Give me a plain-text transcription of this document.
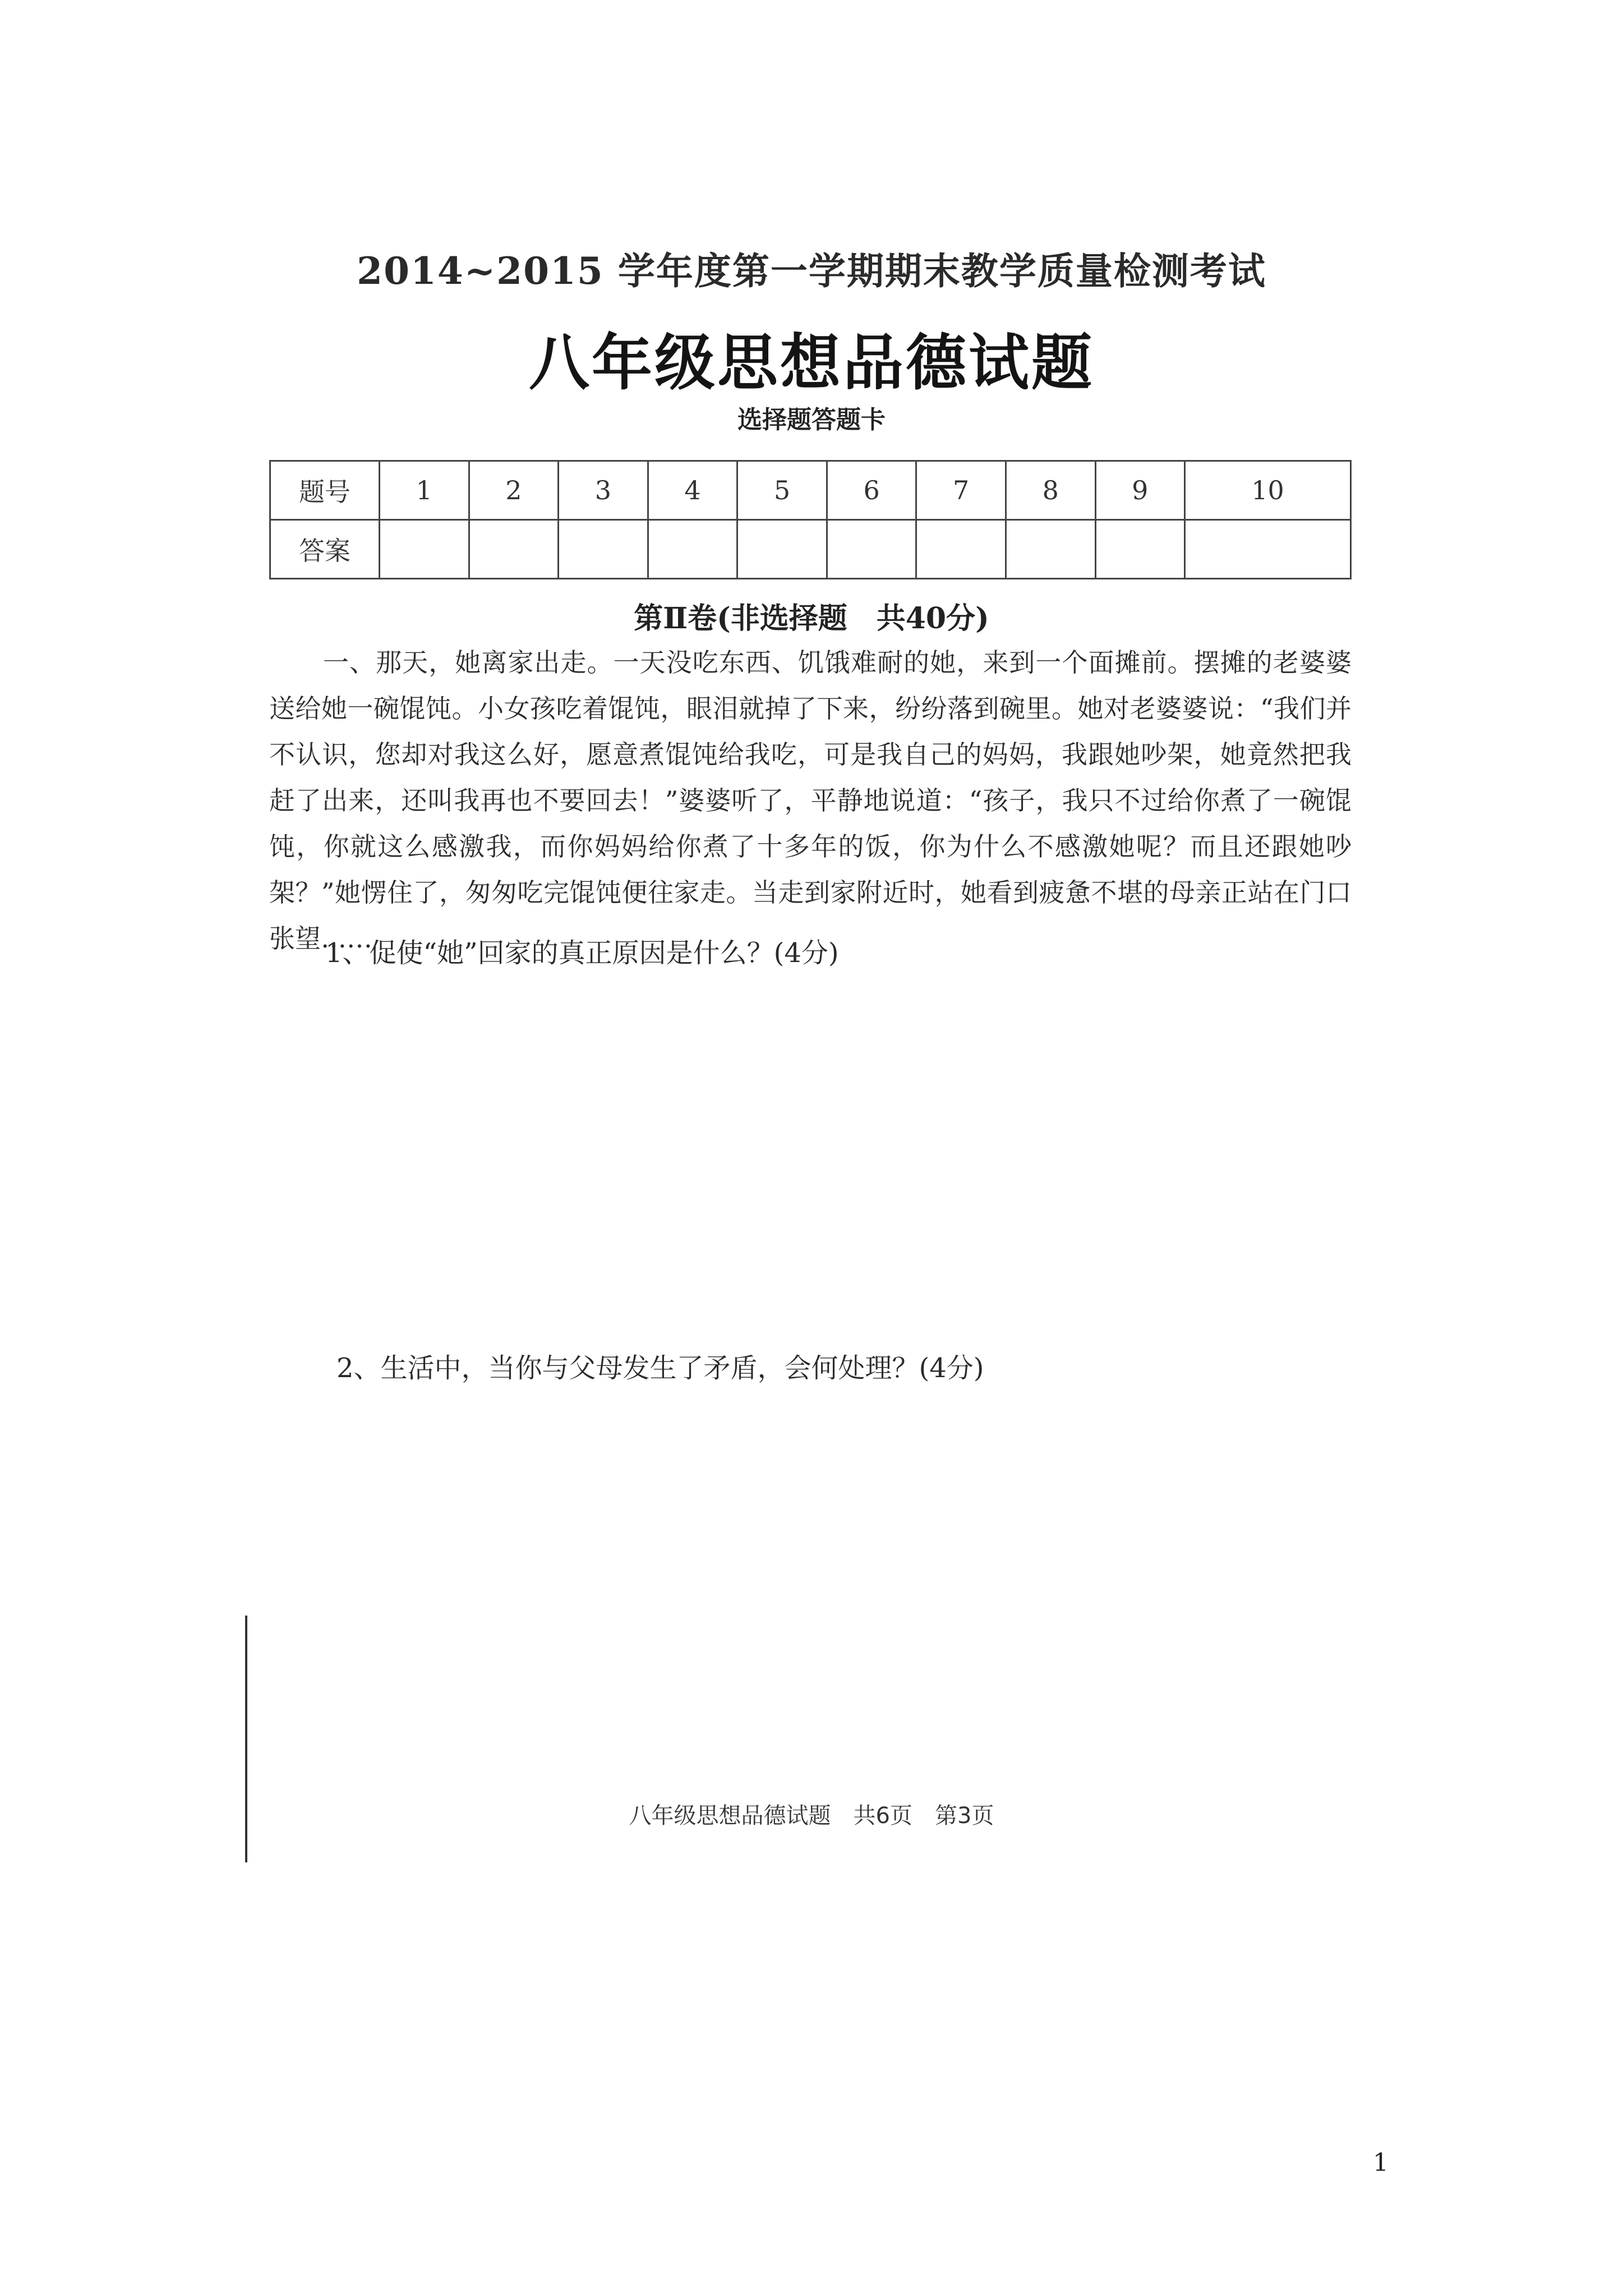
2014~2015 学年度第一学期期末教学质量检测考试
八年级思想品德试题
选择题答题卡
题号	1	2	3	4	5	6	7	8	9	10
答案										
第Ⅱ卷(非选择题　共40分)
一、那天，她离家出走。一天没吃东西、饥饿难耐的她，来到一个面摊前。摆摊的老婆婆送给她一碗馄饨。小女孩吃着馄饨，眼泪就掉了下来，纷纷落到碗里。她对老婆婆说：“我们并不认识，您却对我这么好，愿意煮馄饨给我吃，可是我自己的妈妈，我跟她吵架，她竟然把我赶了出来，还叫我再也不要回去！”婆婆听了，平静地说道：“孩子，我只不过给你煮了一碗馄饨，你就这么感激我，而你妈妈给你煮了十多年的饭，你为什么不感激她呢？而且还跟她吵架？”她愣住了，匆匆吃完馄饨便往家走。当走到家附近时，她看到疲惫不堪的母亲正站在门口张望……
1、促使“她”回家的真正原因是什么？(4分)
2、生活中，当你与父母发生了矛盾，会何处理？(4分)
八年级思想品德试题　共6页　第3页
1
